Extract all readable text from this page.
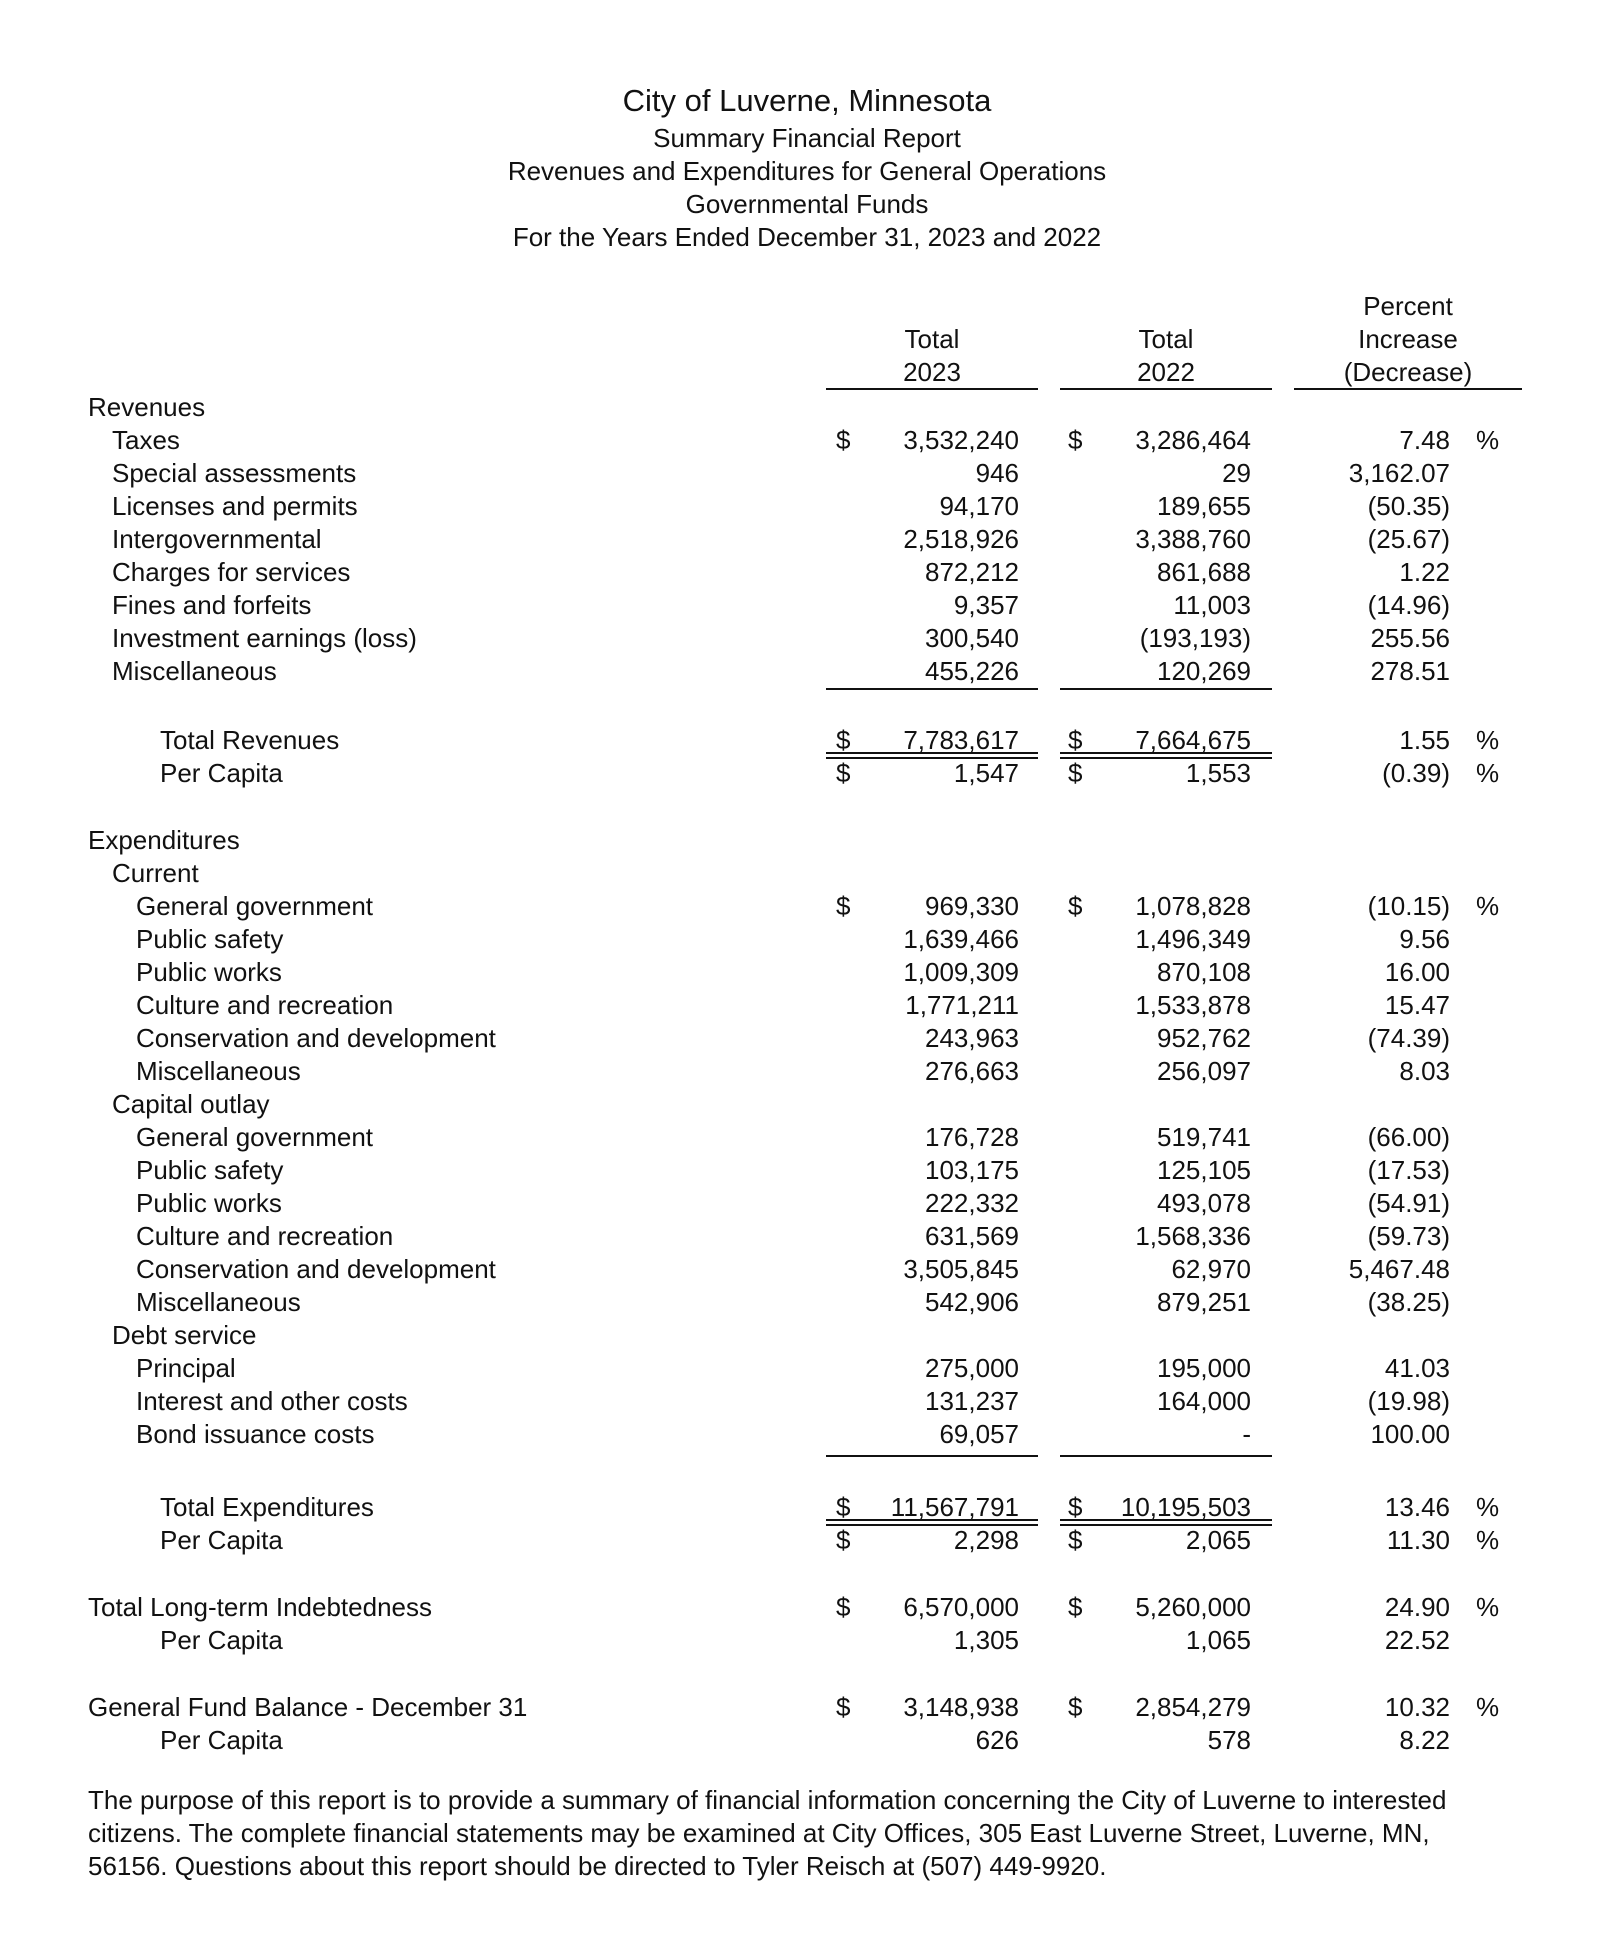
City of Luverne, Minnesota
Summary Financial Report
Revenues and Expenditures for General Operations
Governmental Funds
For the Years Ended December 31, 2023 and 2022
Total
2023
Total
2022
Percent
Increase
(Decrease)
Revenues
Taxes	$	3,532,240 $	3,286,464	7.48 %
Special assessments	946	29	3,162.07
Licenses and permits	94,170	189,655	(50.35)
Intergovernmental	2,518,926	3,388,760	(25.67)
Charges for services	872,212	861,688	1.22
Fines and forfeits	9,357	11,003	(14.96)
Investment earnings (loss)	300,540	(193,193)	255.56
Miscellaneous	455,226	120,269	278.51
Total Revenues	$	7,783,617 $	7,664,675	1.55 %
Per Capita	$	1,547 $	1,553	(0.39) %
Expenditures
Current
General government	$	969,330 $	1,078,828	(10.15) %
Public safety	1,639,466	1,496,349	9.56
Public works	1,009,309	870,108	16.00
Culture and recreation	1,771,211	1,533,878	15.47
Conservation and development	243,963	952,762	(74.39)
Miscellaneous	276,663	256,097	8.03
Capital outlay
General government	176,728	519,741	(66.00)
Public safety	103,175	125,105	(17.53)
Public works	222,332	493,078	(54.91)
Culture and recreation	631,569	1,568,336	(59.73)
Conservation and development	3,505,845	62,970	5,467.48
Miscellaneous	542,906	879,251	(38.25)
Debt service
Principal	275,000	195,000	41.03
Interest and other costs	131,237	164,000	(19.98)
Bond issuance costs	69,057	-	100.00
Total Expenditures	$	11,567,791 $	10,195,503	13.46 %
Per Capita	$	2,298 $	2,065	11.30 %
Total Long-term Indebtedness	$	6,570,000 $	5,260,000	24.90 %
Per Capita	1,305	1,065	22.52
General Fund Balance - December 31	$	3,148,938 $	2,854,279	10.32 %
Per Capita	626	578	8.22

The purpose of this report is to provide a summary of financial information concerning the City of Luverne to interested

citizens. The complete financial statements may be examined at City Offices, 305 East Luverne Street, Luverne, MN,

56156. Questions about this report should be directed to Tyler Reisch at (507) 449-9920.
